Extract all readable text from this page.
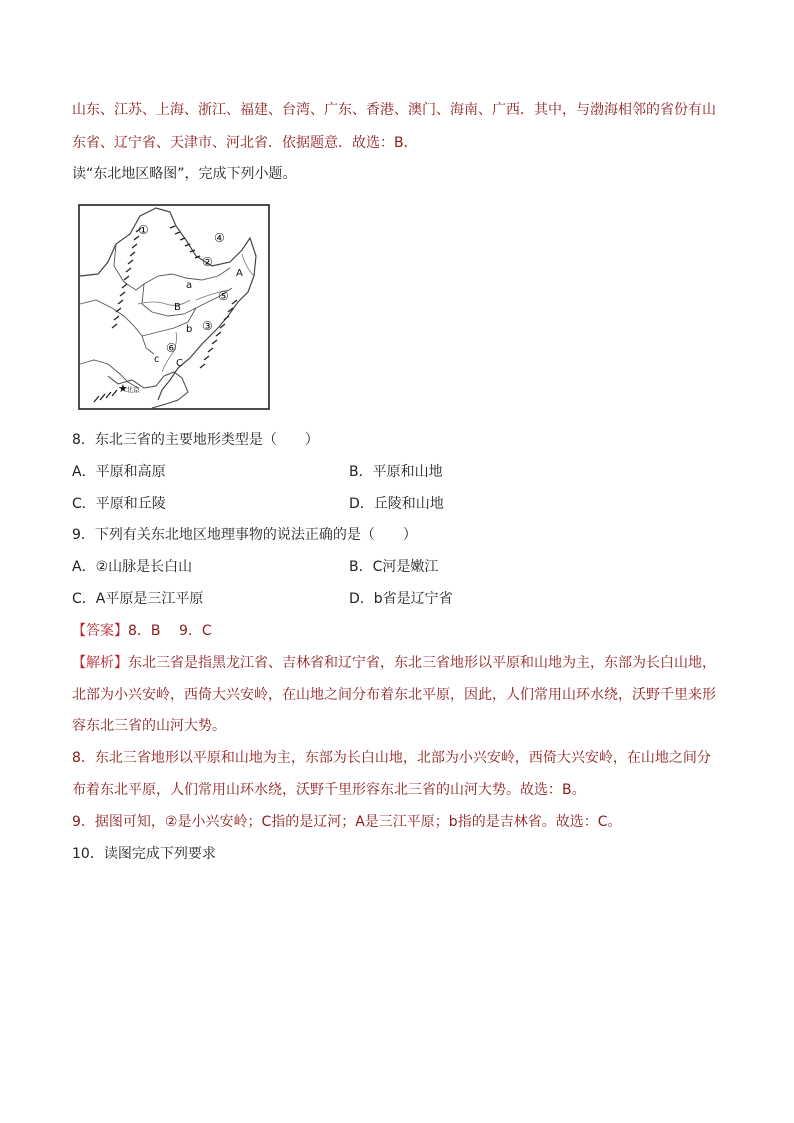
山东、江苏、上海、浙江、福建、台湾、广东、香港、澳门、海南、广西．其中，与渤海相邻的省份有山
东省、辽宁省、天津市、河北省．依据题意．故选：B．
读“东北地区略图”，完成下列小题。
①
②
③
④
⑤
⑥
A
B
C
a
b
c
★
北京
8．东北三省的主要地形类型是（　　）
A．平原和高原	B．平原和山地
C．平原和丘陵	D．丘陵和山地
9．下列有关东北地区地理事物的说法正确的是（　　）
A．②山脉是长白山	B．C河是嫩江
C．A平原是三江平原	D．b省是辽宁省
【答案】8．B　 9．C
【解析】东北三省是指黑龙江省、吉林省和辽宁省，东北三省地形以平原和山地为主，东部为长白山地，
北部为小兴安岭，西倚大兴安岭，在山地之间分布着东北平原，因此，人们常用山环水绕，沃野千里来形
容东北三省的山河大势。
8．东北三省地形以平原和山地为主，东部为长白山地，北部为小兴安岭，西倚大兴安岭，在山地之间分
布着东北平原，人们常用山环水绕，沃野千里形容东北三省的山河大势。故选：B。
9．据图可知，②是小兴安岭；C指的是辽河；A是三江平原；b指的是吉林省。故选：C。
10．读图完成下列要求
